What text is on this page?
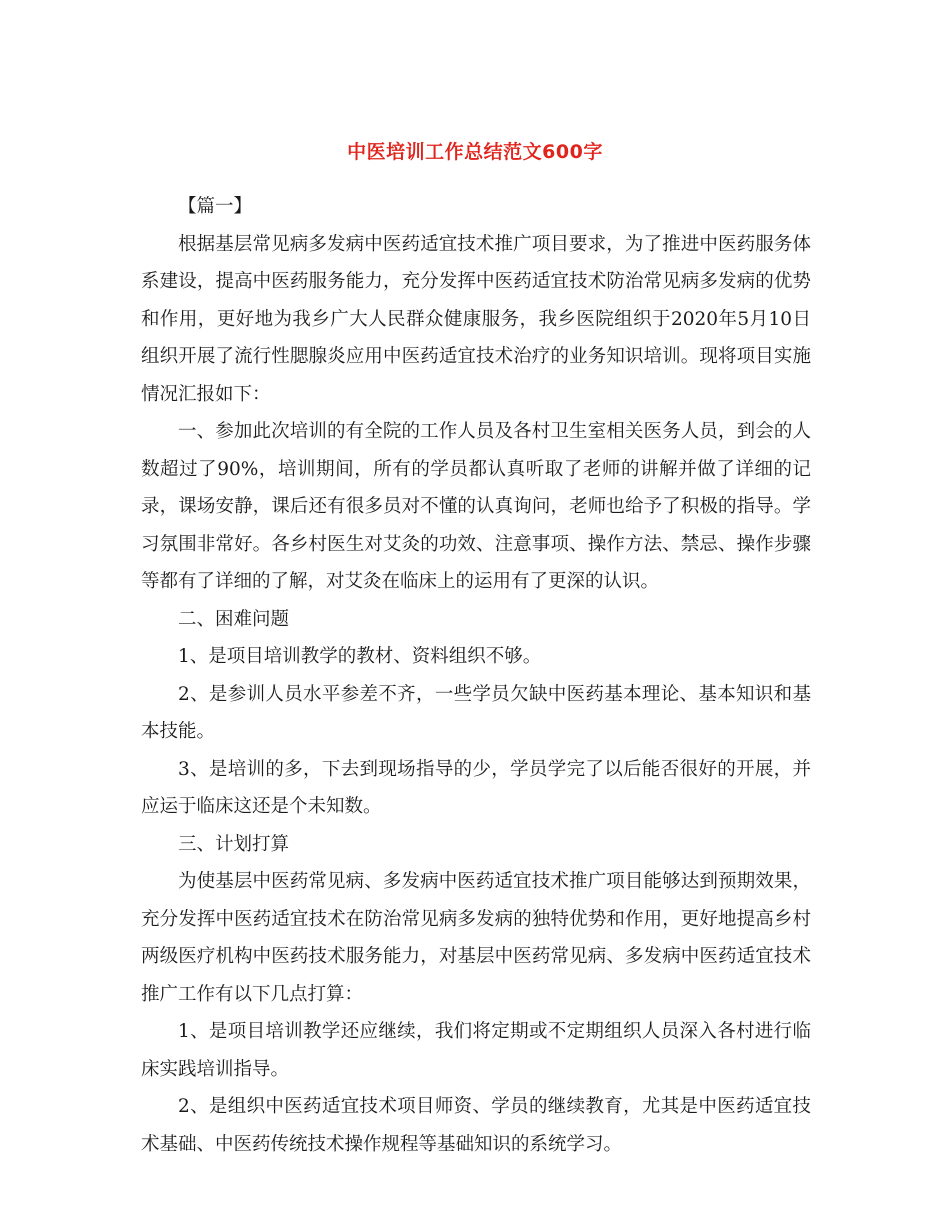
中医培训工作总结范文600字

【篇一】

根据基层常见病多发病中医药适宜技术推广项目要求，为了推进中医药服务体系建设，提高中医药服务能力，充分发挥中医药适宜技术防治常见病多发病的优势和作用，更好地为我乡广大人民群众健康服务，我乡医院组织于2020年5月10日组织开展了流行性腮腺炎应用中医药适宜技术治疗的业务知识培训。现将项目实施情况汇报如下：

一、参加此次培训的有全院的工作人员及各村卫生室相关医务人员，到会的人数超过了90%，培训期间，所有的学员都认真听取了老师的讲解并做了详细的记录，课场安静，课后还有很多员对不懂的认真询问，老师也给予了积极的指导。学习氛围非常好。各乡村医生对艾灸的功效、注意事项、操作方法、禁忌、操作步骤等都有了详细的了解，对艾灸在临床上的运用有了更深的认识。

二、困难问题

1、是项目培训教学的教材、资料组织不够。

2、是参训人员水平参差不齐，一些学员欠缺中医药基本理论、基本知识和基本技能。

3、是培训的多，下去到现场指导的少，学员学完了以后能否很好的开展，并应运于临床这还是个未知数。

三、计划打算

为使基层中医药常见病、多发病中医药适宜技术推广项目能够达到预期效果，充分发挥中医药适宜技术在防治常见病多发病的独特优势和作用，更好地提高乡村两级医疗机构中医药技术服务能力，对基层中医药常见病、多发病中医药适宜技术推广工作有以下几点打算：

1、是项目培训教学还应继续，我们将定期或不定期组织人员深入各村进行临床实践培训指导。

2、是组织中医药适宜技术项目师资、学员的继续教育，尤其是中医药适宜技术基础、中医药传统技术操作规程等基础知识的系统学习。
